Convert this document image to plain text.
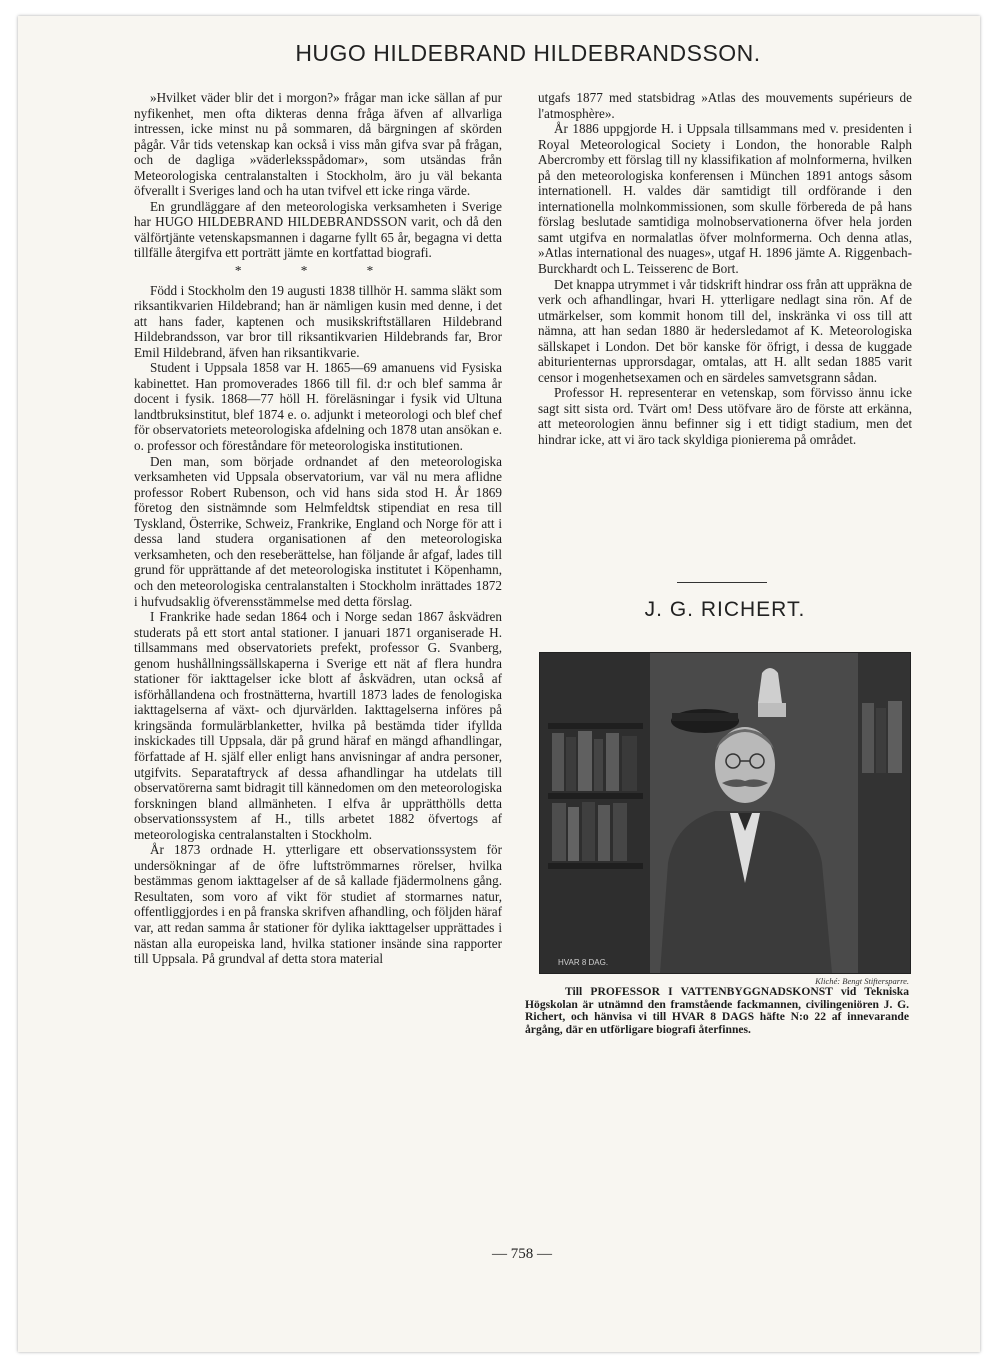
HUGO HILDEBRAND HILDEBRANDSSON.

»Hvilket väder blir det i morgon?» frågar man icke sällan af pur nyfikenhet, men ofta dikteras denna fråga äfven af allvarliga intressen, icke minst nu på sommaren, då bärgningen af skörden pågår. Vår tids vetenskap kan också i viss mån gifva svar på frågan, och de dagliga »väderleksspådomar», som utsändas från Meteorologiska centralanstalten i Stockholm, äro ju väl bekanta öfverallt i Sveriges land och ha utan tvifvel ett icke ringa värde.

En grundläggare af den meteorologiska verksamheten i Sverige har HUGO HILDEBRAND HILDEBRANDSSON varit, och då den välförtjänte vetenskapsmannen i dagarne fyllt 65 år, begagna vi detta tillfälle återgifva ett porträtt jämte en kortfattad biografi.

* * *

Född i Stockholm den 19 augusti 1838 tillhör H. samma släkt som riksantikvarien Hildebrand; han är nämligen kusin med denne, i det att hans fader, kaptenen och musikskriftställaren Hildebrand Hildebrandsson, var bror till riksantikvarien Hildebrands far, Bror Emil Hildebrand, äfven han riksantikvarie.

Student i Uppsala 1858 var H. 1865—69 amanuens vid Fysiska kabinettet. Han promoverades 1866 till fil. d:r och blef samma år docent i fysik. 1868—77 höll H. föreläsningar i fysik vid Ultuna landtbruksinstitut, blef 1874 e. o. adjunkt i meteorologi och blef chef för observatoriets meteorologiska afdelning och 1878 utan ansökan e. o. professor och föreståndare för meteorologiska institutionen.

Den man, som började ordnandet af den meteorologiska verksamheten vid Uppsala observatorium, var väl nu mera aflidne professor Robert Rubenson, och vid hans sida stod H. År 1869 företog den sistnämnde som Helmfeldtsk stipendiat en resa till Tyskland, Österrike, Schweiz, Frankrike, England och Norge för att i dessa land studera organisationen af den meteorologiska verksamheten, och den reseberättelse, han följande år afgaf, lades till grund för upprättande af det meteorologiska institutet i Köpenhamn, och den meteorologiska centralanstalten i Stockholm inrättades 1872 i hufvudsaklig öfverensstämmelse med detta förslag.

I Frankrike hade sedan 1864 och i Norge sedan 1867 åskvädren studerats på ett stort antal stationer. I januari 1871 organiserade H. tillsammans med observatoriets prefekt, professor G. Svanberg, genom hushållningssällskaperna i Sverige ett nät af flera hundra stationer för iakttagelser icke blott af åskvädren, utan också af isförhållandena och frostnätterna, hvartill 1873 lades de fenologiska iakttagelserna af växt- och djurvärlden. Iakttagelserna införes på kringsända formulärblanketter, hvilka på bestämda tider ifyllda inskickades till Uppsala, där på grund häraf en mängd afhandlingar, författade af H. själf eller enligt hans anvisningar af andra personer, utgifvits. Separataftryck af dessa afhandlingar ha utdelats till observatörerna samt bidragit till kännedomen om den meteorologiska forskningen bland allmänheten. I elfva år upprätthölls detta observationssystem af H., tills arbetet 1882 öfvertogs af meteorologiska centralanstalten i Stockholm.

År 1873 ordnade H. ytterligare ett observationssystem för undersökningar af de öfre luftströmmarnes rörelser, hvilka bestämmas genom iakttagelser af de så kallade fjädermolnens gång. Resultaten, som voro af vikt för studiet af stormarnes natur, offentliggjordes i en på franska skrifven afhandling, och följden häraf var, att redan samma år stationer för dylika iakttagelser upprättades i nästan alla europeiska land, hvilka stationer insände sina rapporter till Uppsala. På grundval af detta stora material

utgafs 1877 med statsbidrag »Atlas des mouvements supérieurs de l'atmosphère».

År 1886 uppgjorde H. i Uppsala tillsammans med v. presidenten i Royal Meteorological Society i London, the honorable Ralph Abercromby ett förslag till ny klassifikation af molnformerna, hvilken på den meteorologiska konferensen i München 1891 antogs såsom internationell. H. valdes där samtidigt till ordförande i den internationella molnkommissionen, som skulle förbereda de på hans förslag beslutade samtidiga molnobservationerna öfver hela jorden samt utgifva en normalatlas öfver molnformerna. Och denna atlas, »Atlas international des nuages», utgaf H. 1896 jämte A. Riggenbach-Burckhardt och L. Teisserenc de Bort.

Det knappa utrymmet i vår tidskrift hindrar oss från att uppräkna de verk och afhandlingar, hvari H. ytterligare nedlagt sina rön. Af de utmärkelser, som kommit honom till del, inskränka vi oss till att nämna, att han sedan 1880 är hedersledamot af K. Meteorologiska sällskapet i London. Det bör kanske för öfrigt, i dessa de kuggade abiturienternas upprorsdagar, omtalas, att H. allt sedan 1885 varit censor i mogenhetsexamen och en särdeles samvetsgrann sådan.

Professor H. representerar en vetenskap, som förvisso ännu icke sagt sitt sista ord. Tvärt om! Dess utöfvare äro de förste att erkänna, att meteorologien ännu befinner sig i ett tidigt stadium, men det hindrar icke, att vi äro tack skyldiga pionierema på området.

J. G. RICHERT.
HVAR 8 DAG.
Kliché: Bengt Stiftersparre.
Till PROFESSOR I VATTENBYGGNADSKONST vid Tekniska Högskolan är utnämnd den framstående fackmannen, civilingeniören J. G. Richert, och hänvisa vi till HVAR 8 DAGS häfte N:o 22 af innevarande årgång, där en utförligare biografi återfinnes.
— 758 —
